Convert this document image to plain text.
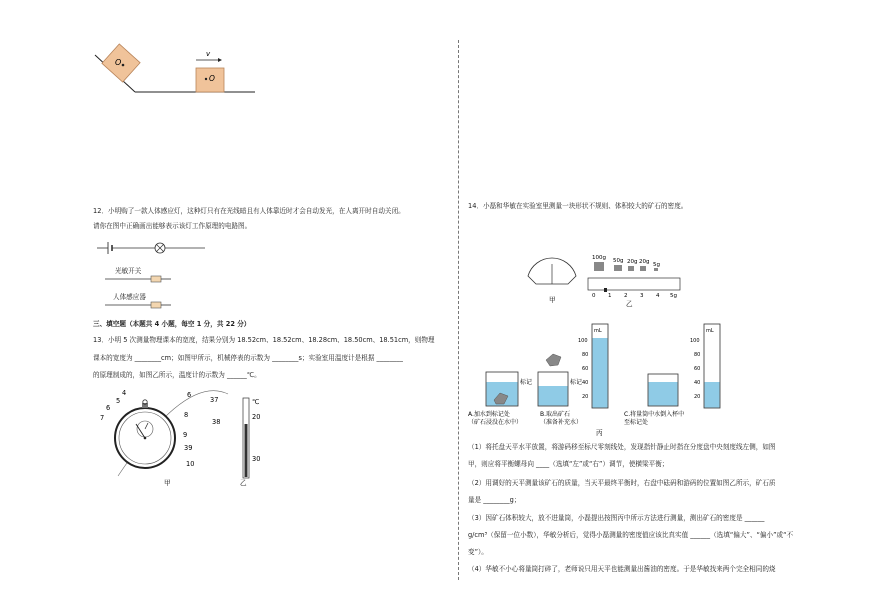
O
O
v
12．小明购了一款人体感应灯，这种灯只有在光线暗且有人体靠近时才会自动发光，在人离开时自动关闭。
请你在图中正确画出能够表示该灯工作原理的电路图。
光敏开关
人体感应器
三、填空题（本题共 4 小题，每空 1 分，共 22 分）
13．小明 5 次测量物理课本的宽度，结果分别为 18.52cm、18.52cm、18.28cm、18.50cm、18.51cm，则物理
课本的宽度为 ________cm；如图甲所示，机械停表的示数为 ________s；实验室用温度计是根据 ________
的原理制成的，如图乙所示，温度计的示数为 ______℃。
6
37
8
38
9
39
10
4
5
6
7
甲
℃
20
30
乙
14．小磊和华敏在实验室里测量一块形状不规则、体积较大的矿石的密度。
甲
100g 50g 20g 20g 5g
0 1 2 3 4 5g
乙
标记	标记
mL
100
80
60
40
20
mL
100
80
60
40
20
A.加水到标记处
（矿石浸没在水中）
B.取出矿石
（准备补充水）
C.将量筒中水倒入杯中
至标记处
丙
（1）将托盘天平水平放置，将游码移至标尺零刻线处，发现指针静止时指在分度盘中央刻度线左侧，如图
甲，则应将平衡螺母向 ____（选填“左”或“右”）调节，使横梁平衡；
（2）用调好的天平测量该矿石的质量，当天平最终平衡时，右盘中砝码和游码的位置如图乙所示，矿石质
量是 ________g；
（3）因矿石体积较大，放不进量筒，小磊提出按图丙中所示方法进行测量，测出矿石的密度是 ______
g/cm³（保留一位小数），华敏分析后，觉得小磊测量的密度值应该比真实值 ______（选填“偏大”、“偏小”或“不
变”）。
（4）华敏不小心将量筒打碎了，老师说只用天平也能测量出酱油的密度。于是华敏找来两个完全相同的烧
